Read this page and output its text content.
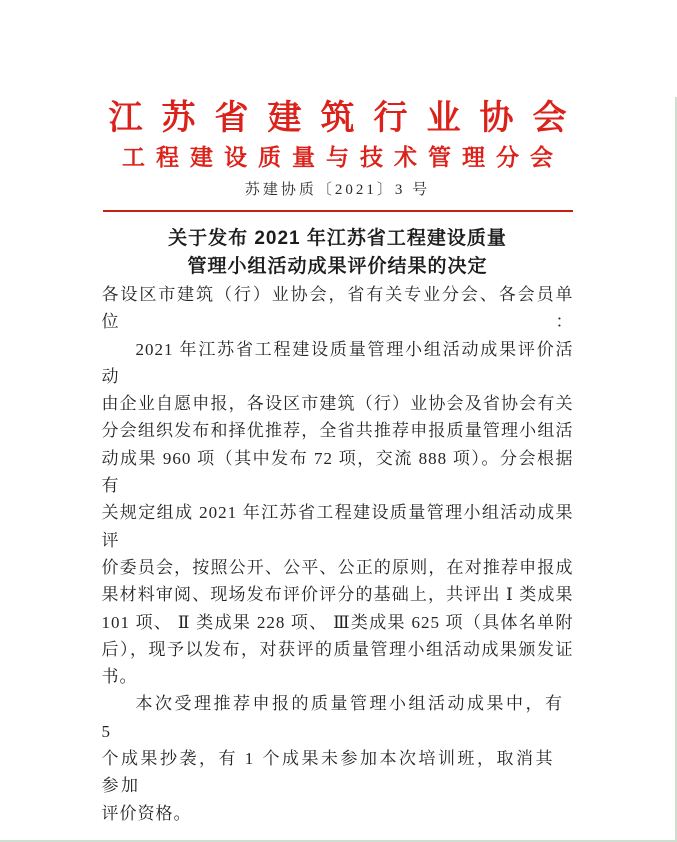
江苏省建筑行业协会
工程建设质量与技术管理分会
苏建协质〔2021〕3 号
关于发布 2021 年江苏省工程建设质量
管理小组活动成果评价结果的决定
各设区市建筑（行）业协会，省有关专业分会、各会员单位：
2021 年江苏省工程建设质量管理小组活动成果评价活动
由企业自愿申报，各设区市建筑（行）业协会及省协会有关
分会组织发布和择优推荐，全省共推荐申报质量管理小组活
动成果 960 项（其中发布 72 项，交流 888 项）。分会根据有
关规定组成 2021 年江苏省工程建设质量管理小组活动成果评
价委员会，按照公开、公平、公正的原则，在对推荐申报成
果材料审阅、现场发布评价评分的基础上，共评出 Ⅰ 类成果
101 项、 Ⅱ 类成果 228 项、 Ⅲ类成果 625 项（具体名单附
后），现予以发布，对获评的质量管理小组活动成果颁发证
书。
本次受理推荐申报的质量管理小组活动成果中，有 5
个成果抄袭，有 1 个成果未参加本次培训班，取消其参加
评价资格。
